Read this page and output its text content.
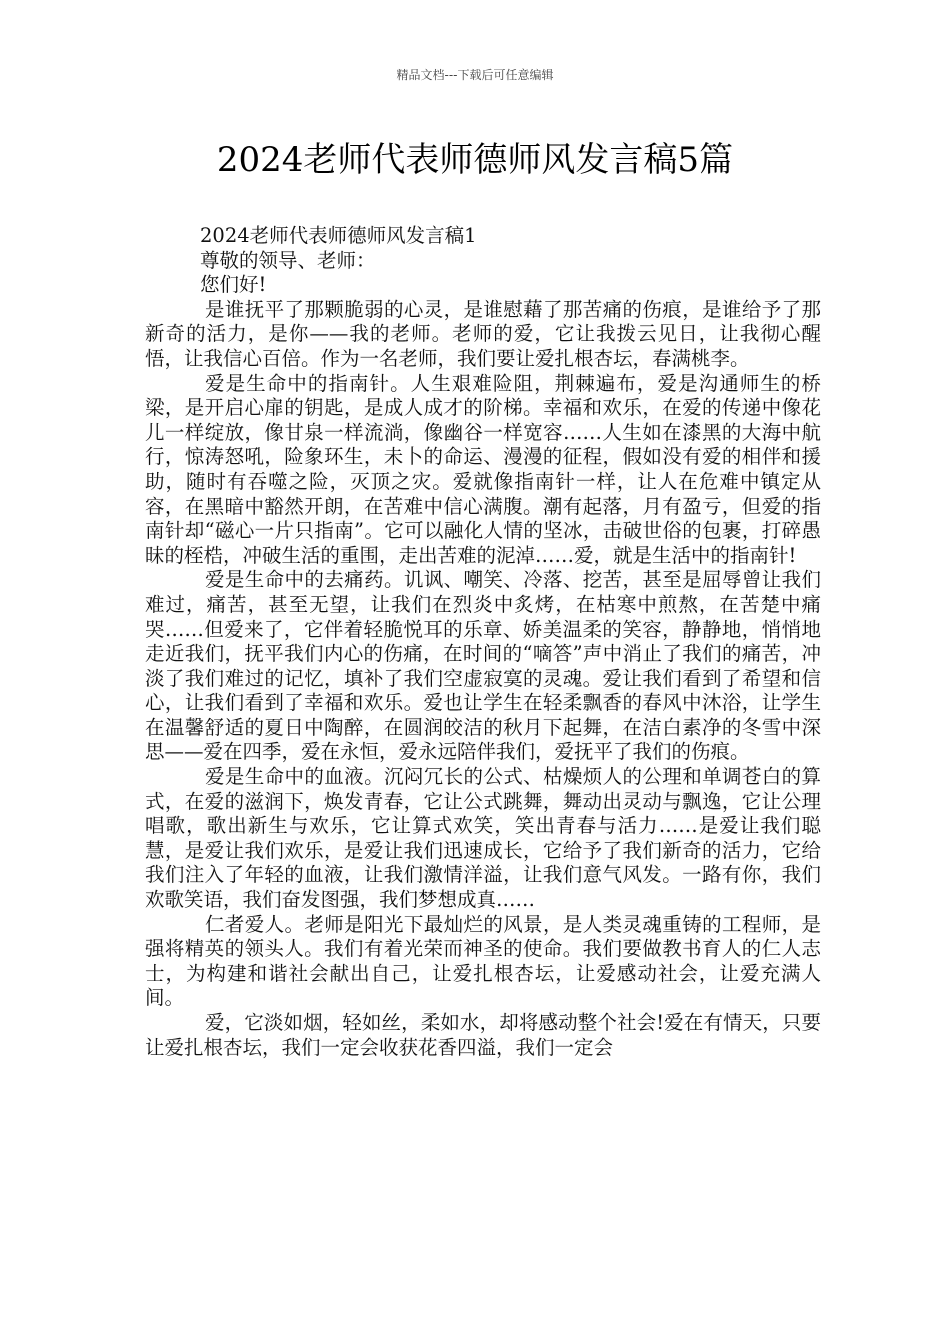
精品文档---下载后可任意编辑
2024老师代表师德师风发言稿5篇

2024老师代表师德师风发言稿1

尊敬的领导、老师：

您们好!

是谁抚平了那颗脆弱的心灵，是谁慰藉了那苦痛的伤痕，是谁给予了那新奇的活力，是你——我的老师。老师的爱，它让我拨云见日，让我彻心醒悟，让我信心百倍。作为一名老师，我们要让爱扎根杏坛，春满桃李。

爱是生命中的指南针。人生艰难险阻，荆棘遍布，爱是沟通师生的桥梁，是开启心扉的钥匙，是成人成才的阶梯。幸福和欢乐，在爱的传递中像花儿一样绽放，像甘泉一样流淌，像幽谷一样宽容……人生如在漆黑的大海中航行，惊涛怒吼，险象环生，未卜的命运、漫漫的征程，假如没有爱的相伴和援助，随时有吞噬之险，灭顶之灾。爱就像指南针一样，让人在危难中镇定从容，在黑暗中豁然开朗，在苦难中信心满腹。潮有起落，月有盈亏，但爱的指南针却“磁心一片只指南”。它可以融化人情的坚冰，击破世俗的包裹，打碎愚昧的桎梏，冲破生活的重围，走出苦难的泥淖……爱，就是生活中的指南针!

爱是生命中的去痛药。讥讽、嘲笑、冷落、挖苦，甚至是屈辱曾让我们难过，痛苦，甚至无望，让我们在烈炎中炙烤，在枯寒中煎熬，在苦楚中痛哭……但爱来了，它伴着轻脆悦耳的乐章、娇美温柔的笑容，静静地，悄悄地走近我们，抚平我们内心的伤痛，在时间的“嘀答”声中消止了我们的痛苦，冲淡了我们难过的记忆，填补了我们空虚寂寞的灵魂。爱让我们看到了希望和信心，让我们看到了幸福和欢乐。爱也让学生在轻柔飘香的春风中沐浴，让学生在温馨舒适的夏日中陶醉，在圆润皎洁的秋月下起舞，在洁白素净的冬雪中深思——爱在四季，爱在永恒，爱永远陪伴我们，爱抚平了我们的伤痕。

爱是生命中的血液。沉闷冗长的公式、枯燥烦人的公理和单调苍白的算式，在爱的滋润下，焕发青春，它让公式跳舞，舞动出灵动与飘逸，它让公理唱歌，歌出新生与欢乐，它让算式欢笑，笑出青春与活力……是爱让我们聪慧，是爱让我们欢乐，是爱让我们迅速成长，它给予了我们新奇的活力，它给我们注入了年轻的血液，让我们激情洋溢，让我们意气风发。一路有你，我们欢歌笑语，我们奋发图强，我们梦想成真……

仁者爱人。老师是阳光下最灿烂的风景，是人类灵魂重铸的工程师，是强将精英的领头人。我们有着光荣而神圣的使命。我们要做教书育人的仁人志士，为构建和谐社会献出自己，让爱扎根杏坛，让爱感动社会，让爱充满人间。

爱，它淡如烟，轻如丝，柔如水，却将感动整个社会!爱在有情天，只要让爱扎根杏坛，我们一定会收获花香四溢，我们一定会
